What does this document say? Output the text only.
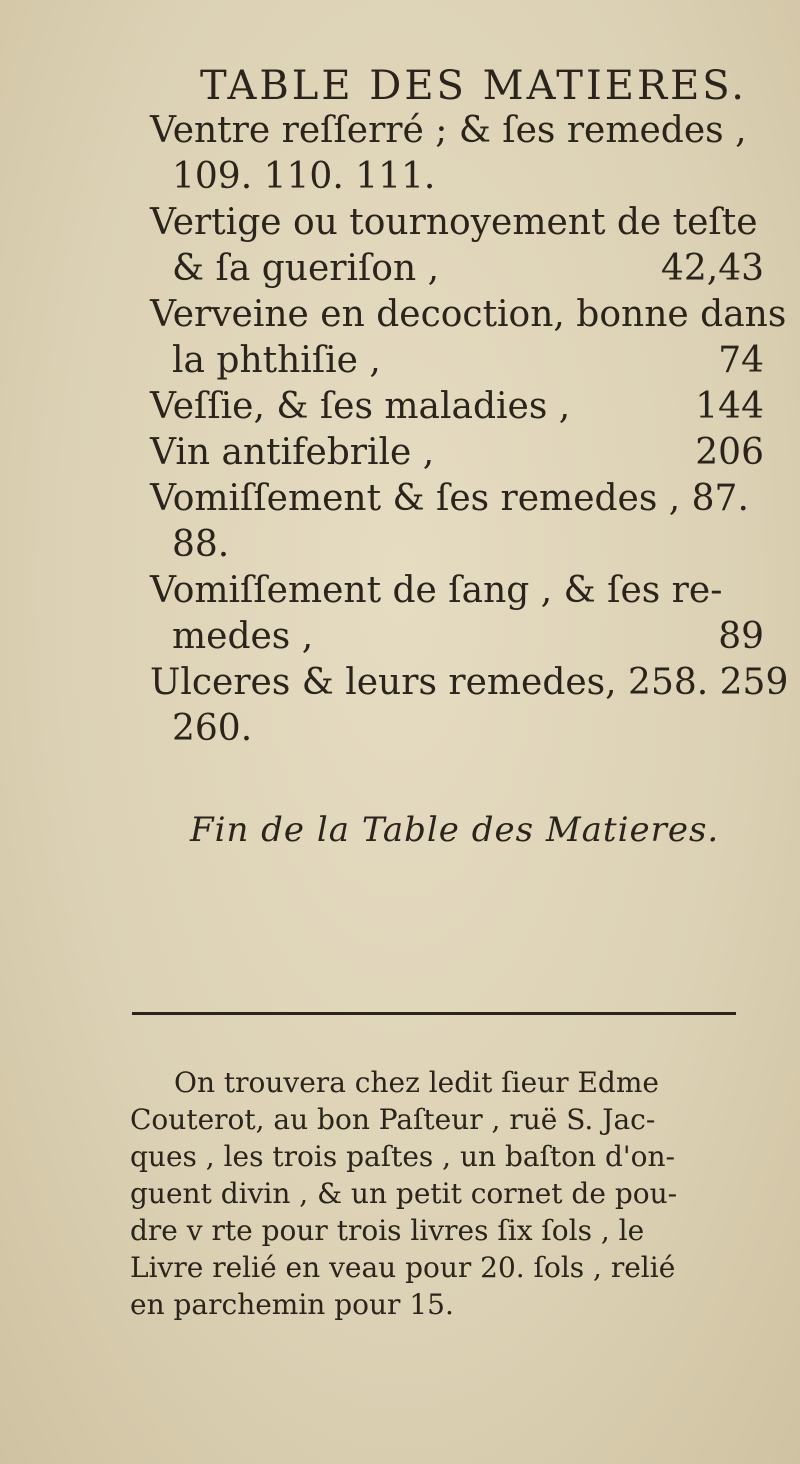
TABLE DES MATIERES.
Ventre reſſerré ; & ſes remedes ,
109. 110. 111.
Vertige ou tournoyement de teſte
& ſa gueriſon ,	42,43
Verveine en decoction, bonne dans
la phthiſie ,	74
Veſſie, & ſes maladies ,	144
Vin antifebrile ,	206
Vomiſſement & ſes remedes , 87.
88.
Vomiſſement de ſang , & ſes re-
medes ,	89
Ulceres & leurs remedes, 258. 259
260.
Fin de la Table des Matieres.
On trouvera chez ledit ſieur Edme
Couterot, au bon Paſteur , ruë S. Jac-
ques , les trois paſtes , un baſton d'on-
guent divin , & un petit cornet de pou-
dre v rte pour trois livres ſix ſols , le
Livre relié en veau pour 20. ſols , relié
en parchemin pour 15.
